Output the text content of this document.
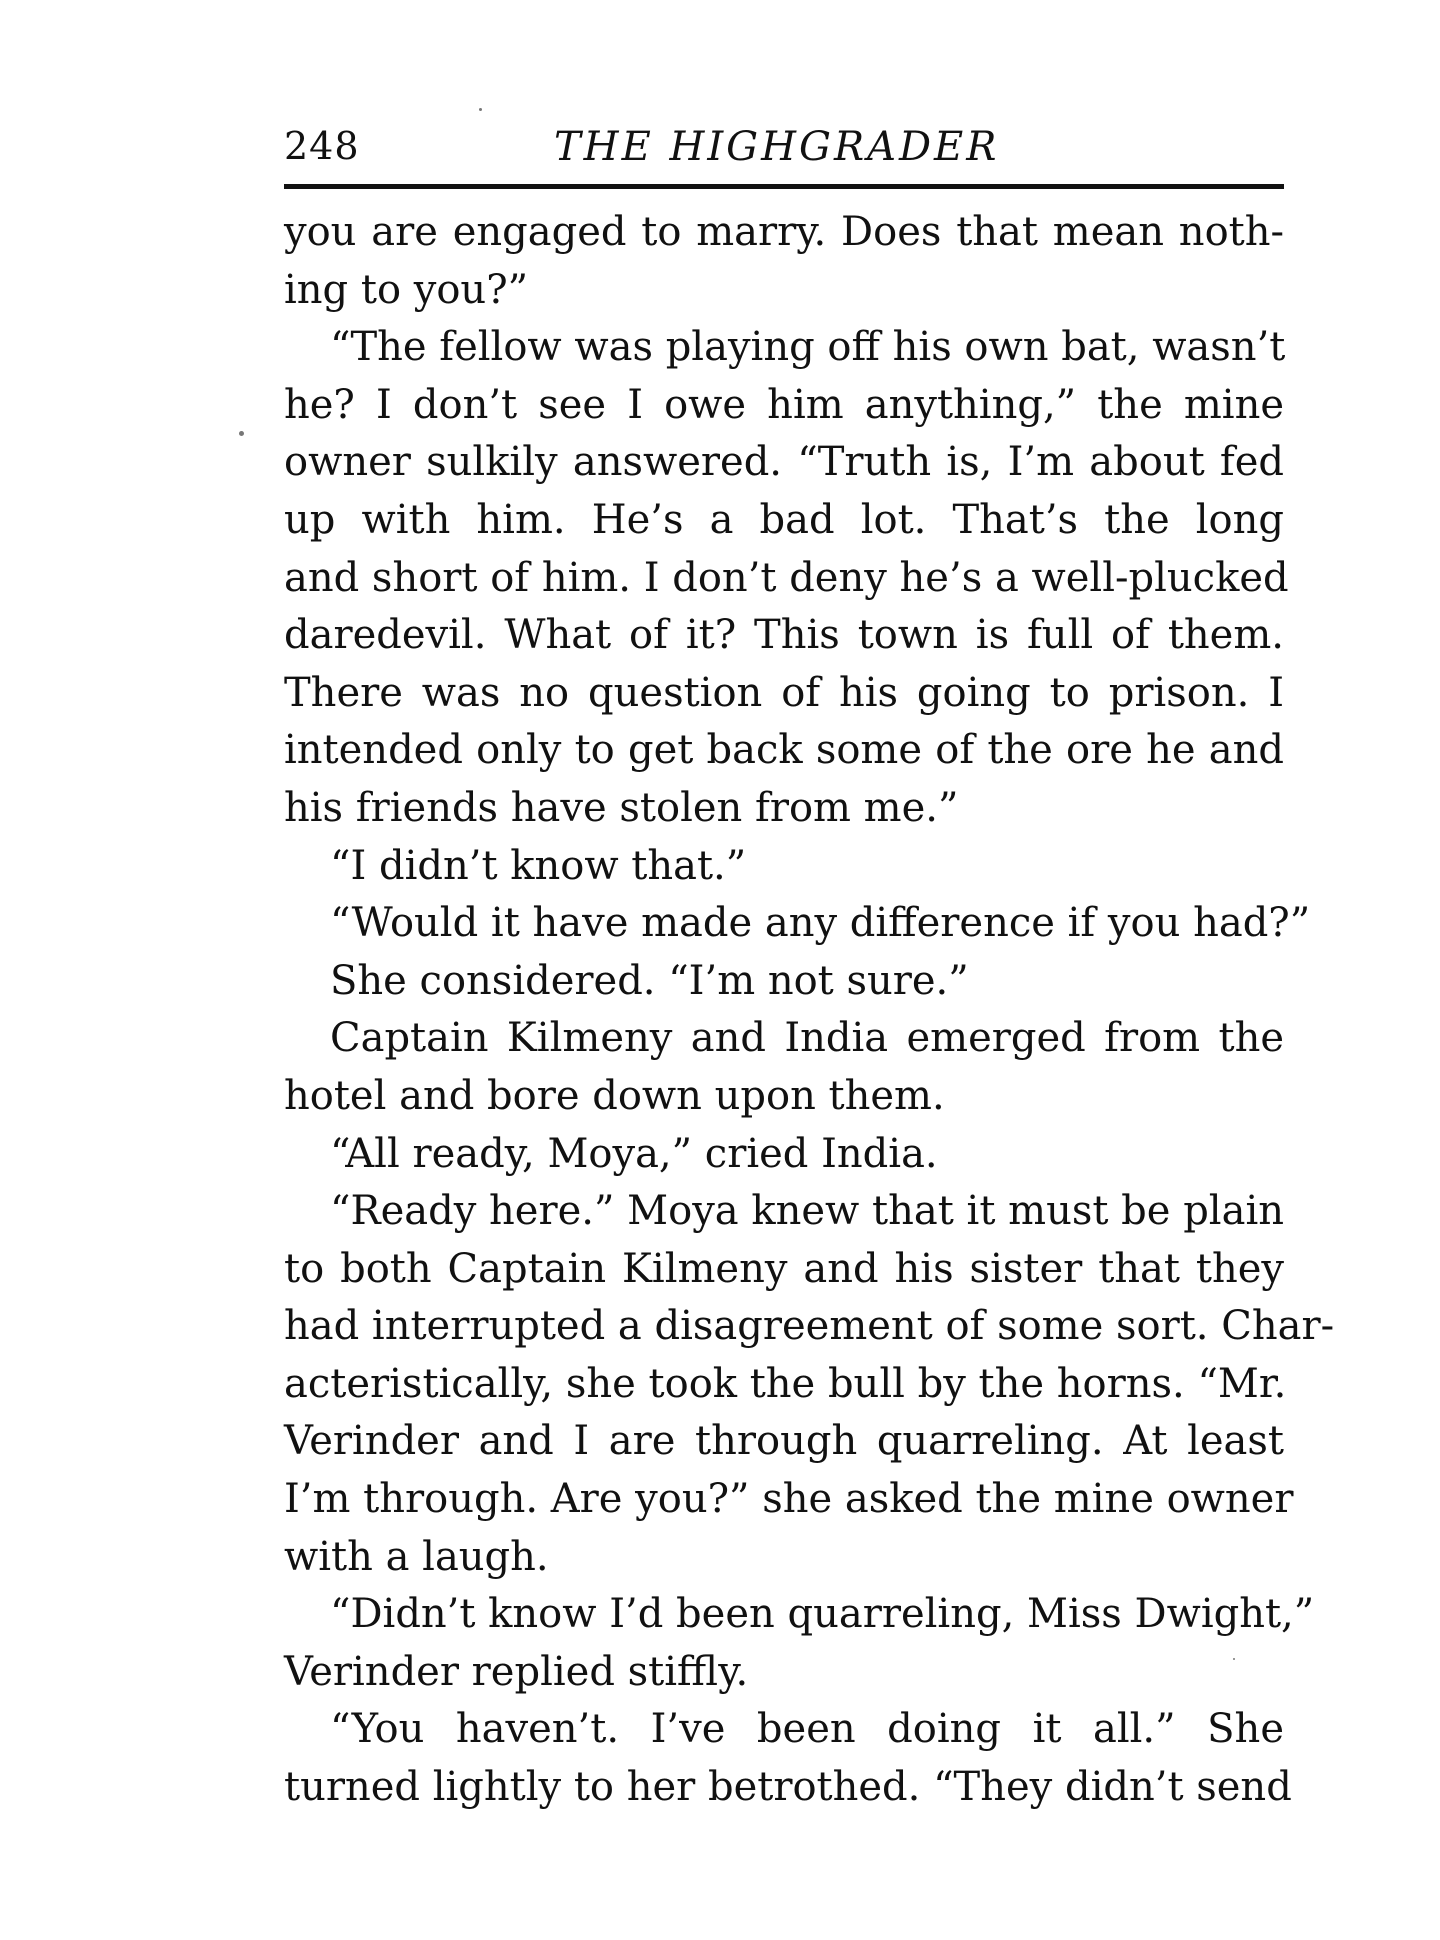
248	THE HIGHGRADER
you are engaged to marry. Does that mean noth-
ing to you?”
“The fellow was playing off his own bat, wasn’t
he? I don’t see I owe him anything,” the mine
owner sulkily answered. “Truth is, I’m about fed
up with him. He’s a bad lot. That’s the long
and short of him. I don’t deny he’s a well-plucked
daredevil. What of it? This town is full of them.
There was no question of his going to prison. I
intended only to get back some of the ore he and
his friends have stolen from me.”
“I didn’t know that.”
“Would it have made any difference if you had?”
She considered. “I’m not sure.”
Captain Kilmeny and India emerged from the
hotel and bore down upon them.
“All ready, Moya,” cried India.
“Ready here.” Moya knew that it must be plain
to both Captain Kilmeny and his sister that they
had interrupted a disagreement of some sort. Char-
acteristically, she took the bull by the horns. “Mr.
Verinder and I are through quarreling. At least
I’m through. Are you?” she asked the mine owner
with a laugh.
“Didn’t know I’d been quarreling, Miss Dwight,”
Verinder replied stiffly.
“You haven’t. I’ve been doing it all.” She
turned lightly to her betrothed. “They didn’t send
